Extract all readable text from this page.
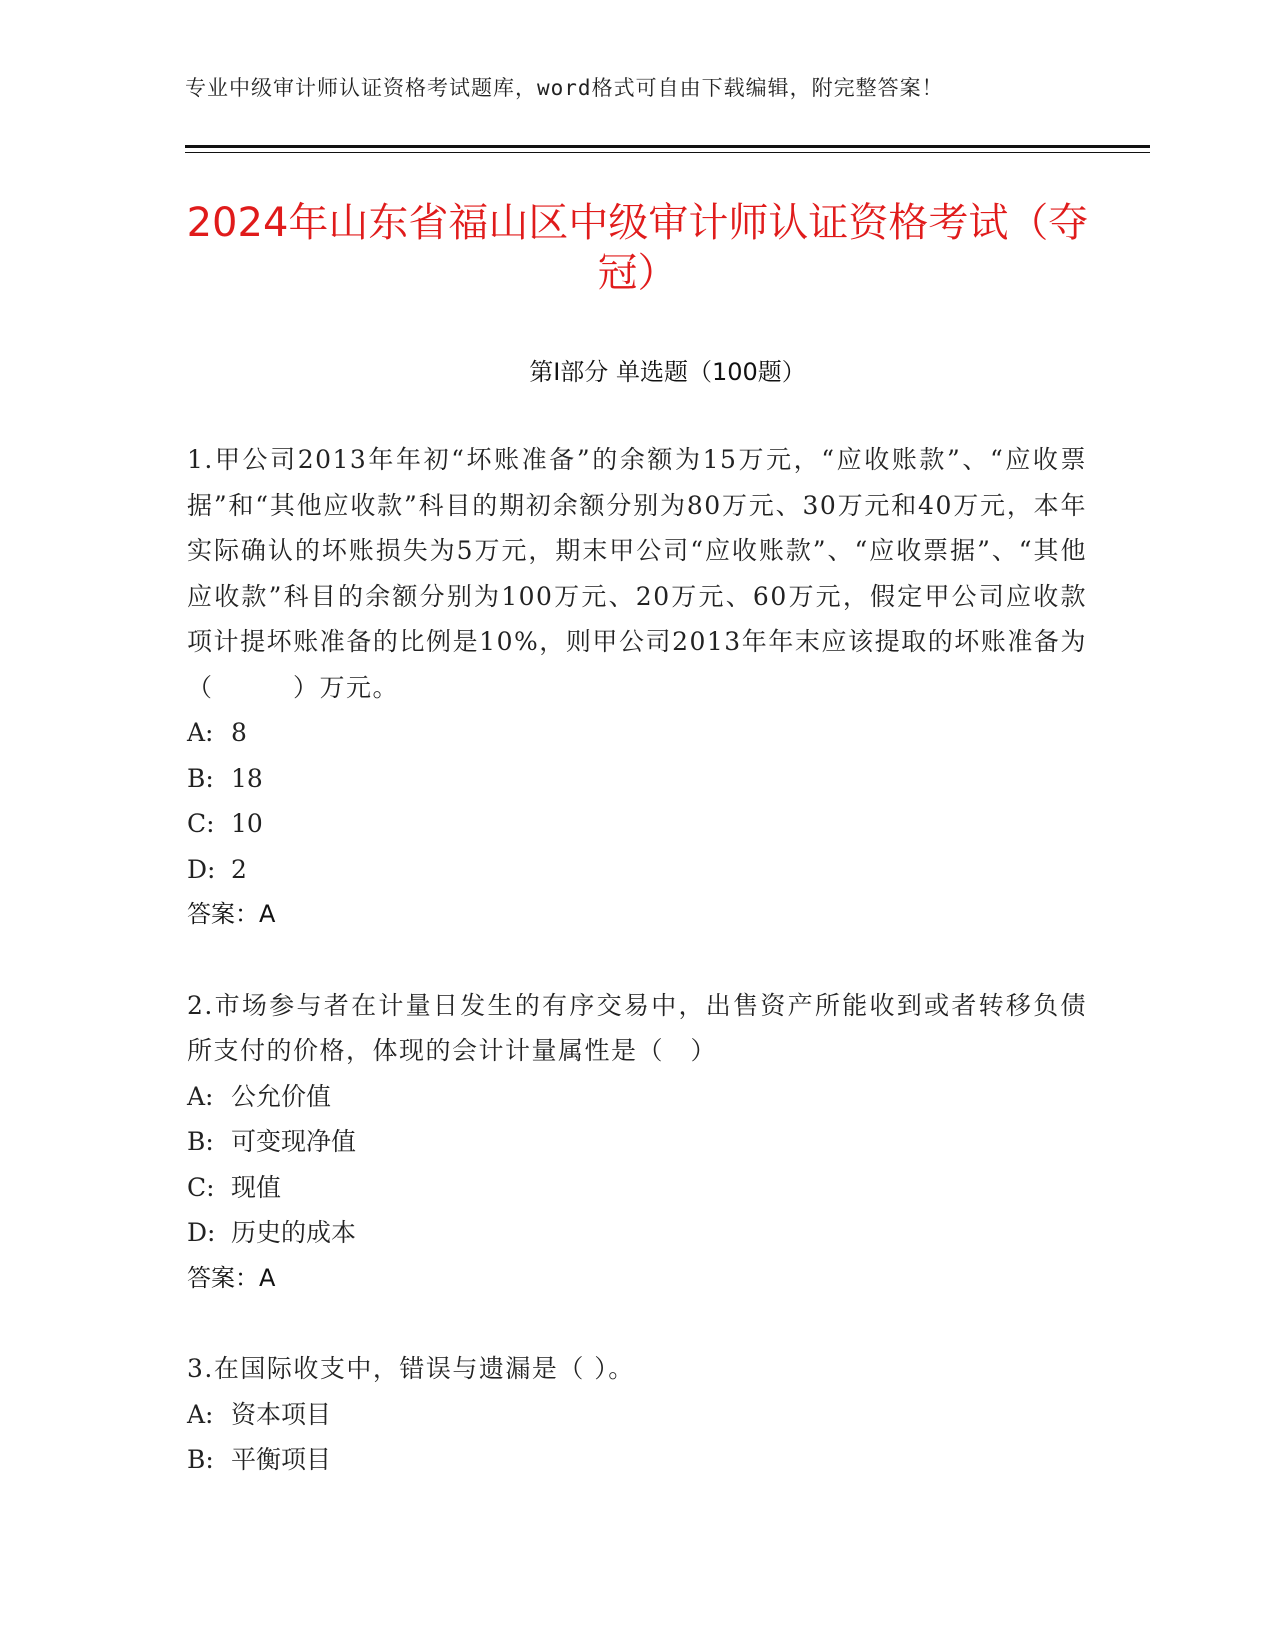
专业中级审计师认证资格考试题库，word格式可自由下载编辑，附完整答案！
2024年山东省福山区中级审计师认证资格考试（夺冠）
第Ⅰ部分 单选题（100题）

1.甲公司2013年年初“坏账准备”的余额为15万元，“应收账款”、“应收票据”和“其他应收款”科目的期初余额分别为80万元、30万元和40万元，本年实际确认的坏账损失为5万元，期末甲公司“应收账款”、“应收票据”、“其他应收款”科目的余额分别为100万元、20万元、60万元，假定甲公司应收款项计提坏账准备的比例是10%，则甲公司2013年年末应该提取的坏账准备为（　　　）万元。

A: 8

B: 18

C: 10

D: 2

答案：A

2.市场参与者在计量日发生的有序交易中，出售资产所能收到或者转移负债所支付的价格，体现的会计计量属性是（　）

A: 公允价值

B: 可变现净值

C: 现值

D: 历史的成本

答案：A

3.在国际收支中，错误与遗漏是（ ）。

A: 资本项目

B: 平衡项目
